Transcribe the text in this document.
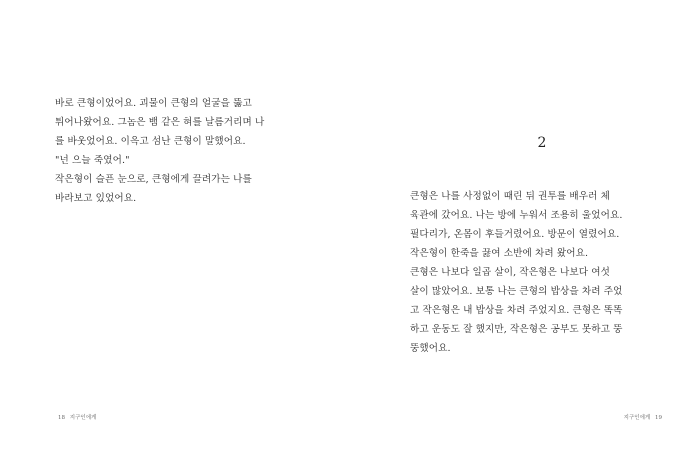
바로 큰형이었어요. 괴물이 큰형의 얼굴을 뚫고
튀어나왔어요. 그놈은 뱀 같은 혀를 날름거리며 나
를 바웃었어요. 이윽고 섬난 큰형이 말했어요.
"넌 으늘 죽였어."
작은형이 슬픈 눈으로, 큰형에게 끌려가는 나를
바라보고 있었어요.
18 지구인에게
2
큰형은 나를 사정없이 때린 뒤 권투를 배우러 체
육관에 갔어요. 나는 방에 누워서 조용히 울었어요.
필다리가, 온몸이 후들거렸어요. 방문이 열렸어요.
작은형이 한죽을 끓여 소반에 차려 왔어요.
큰형은 나보다 일곱 살이, 작은형은 나보다 여섯
살이 많았어요. 보통 나는 큰형의 밥상을 차려 주었
고 작은형은 내 밥상을 차려 주었지요. 큰형은 똑똑
하고 운동도 잘 했지만, 작은형은 공부도 못하고 뚱
뚱했어요.
지구인에게 19
